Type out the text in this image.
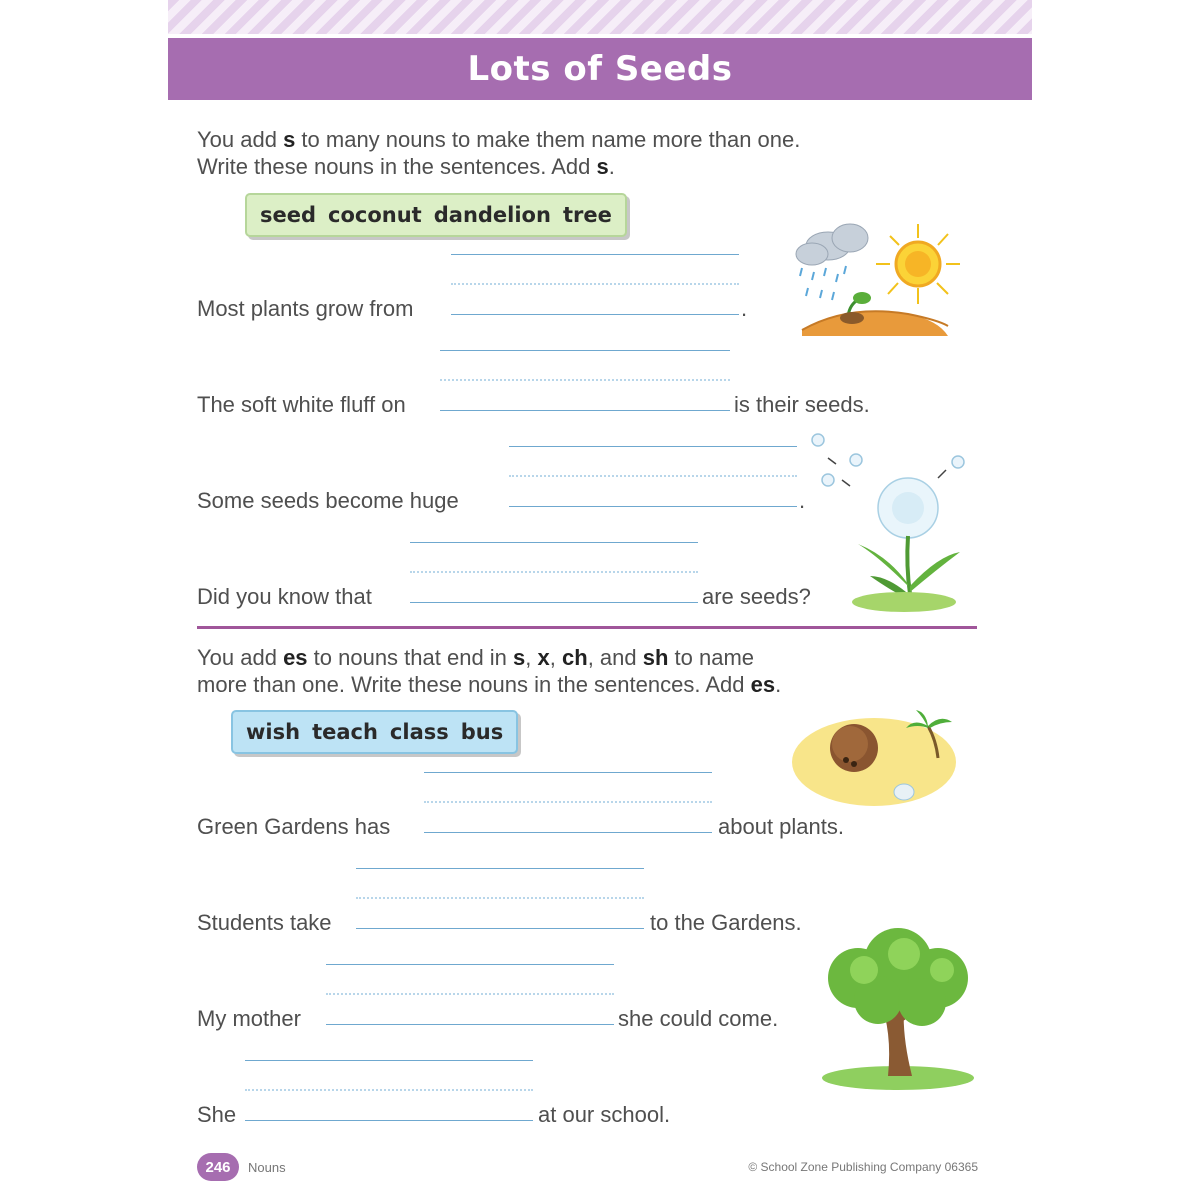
Lots of Seeds
You add s to many nouns to make them name more than one.
Write these nouns in the sentences. Add s.
seed coconut dandelion tree
Most plants grow from	.
The soft white fluff on	is their seeds.
Some seeds become huge	.
Did you know that	are seeds?
You add es to nouns that end in s, x, ch, and sh to name
more than one. Write these nouns in the sentences. Add es.
wish teach class bus
Green Gardens has	about plants.
Students take	to the Gardens.
My mother	she could come.
She	at our school.
246	Nouns	© School Zone Publishing Company 06365
